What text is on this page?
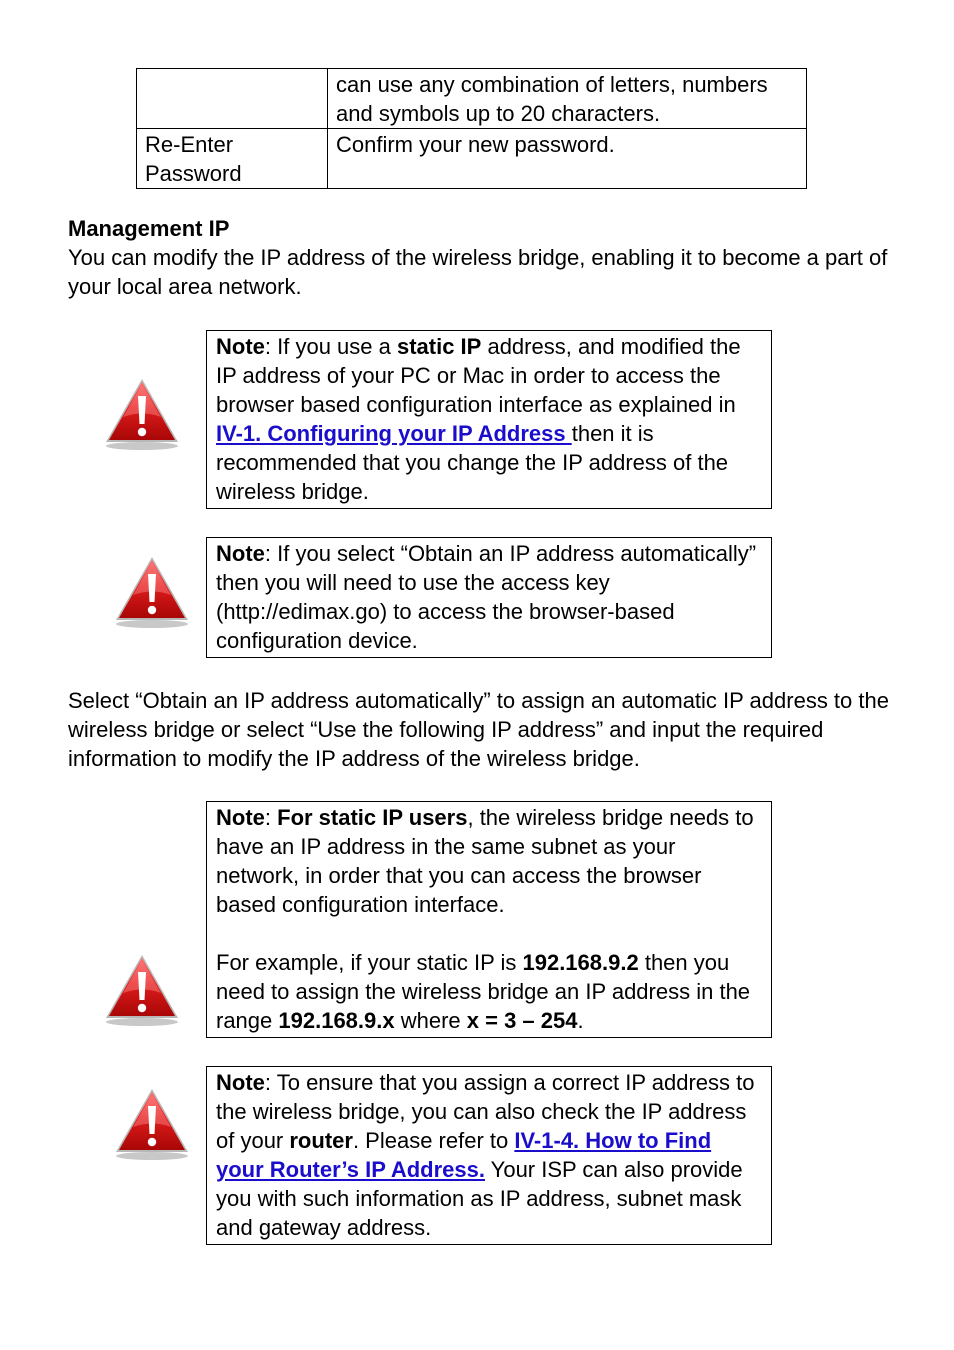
	can use any combination of letters, numbers and symbols up to 20 characters.
Re-Enter Password	Confirm your new password.
Management IP
You can modify the IP address of the wireless bridge, enabling it to become a part of your local area network.

Note: If you use a static IP address, and modified the IP address of your PC or Mac in order to access the browser based configuration interface as explained in IV-1. Configuring your IP Address then it is recommended that you change the IP address of the wireless bridge.

Note: If you select “Obtain an IP address automatically” then you will need to use the access key (http://edimax.go) to access the browser-based configuration device.

Select “Obtain an IP address automatically” to assign an automatic IP address to the wireless bridge or select “Use the following IP address” and input the required information to modify the IP address of the wireless bridge.

Note: For static IP users, the wireless bridge needs to have an IP address in the same subnet as your network, in order that you can access the browser based configuration interface.

For example, if your static IP is 192.168.9.2 then you need to assign the wireless bridge an IP address in the range 192.168.9.x where x = 3 – 254.

Note: To ensure that you assign a correct IP address to the wireless bridge, you can also check the IP address of your router. Please refer to IV-1-4. How to Find your Router’s IP Address. Your ISP can also provide you with such information as IP address, subnet mask and gateway address.
